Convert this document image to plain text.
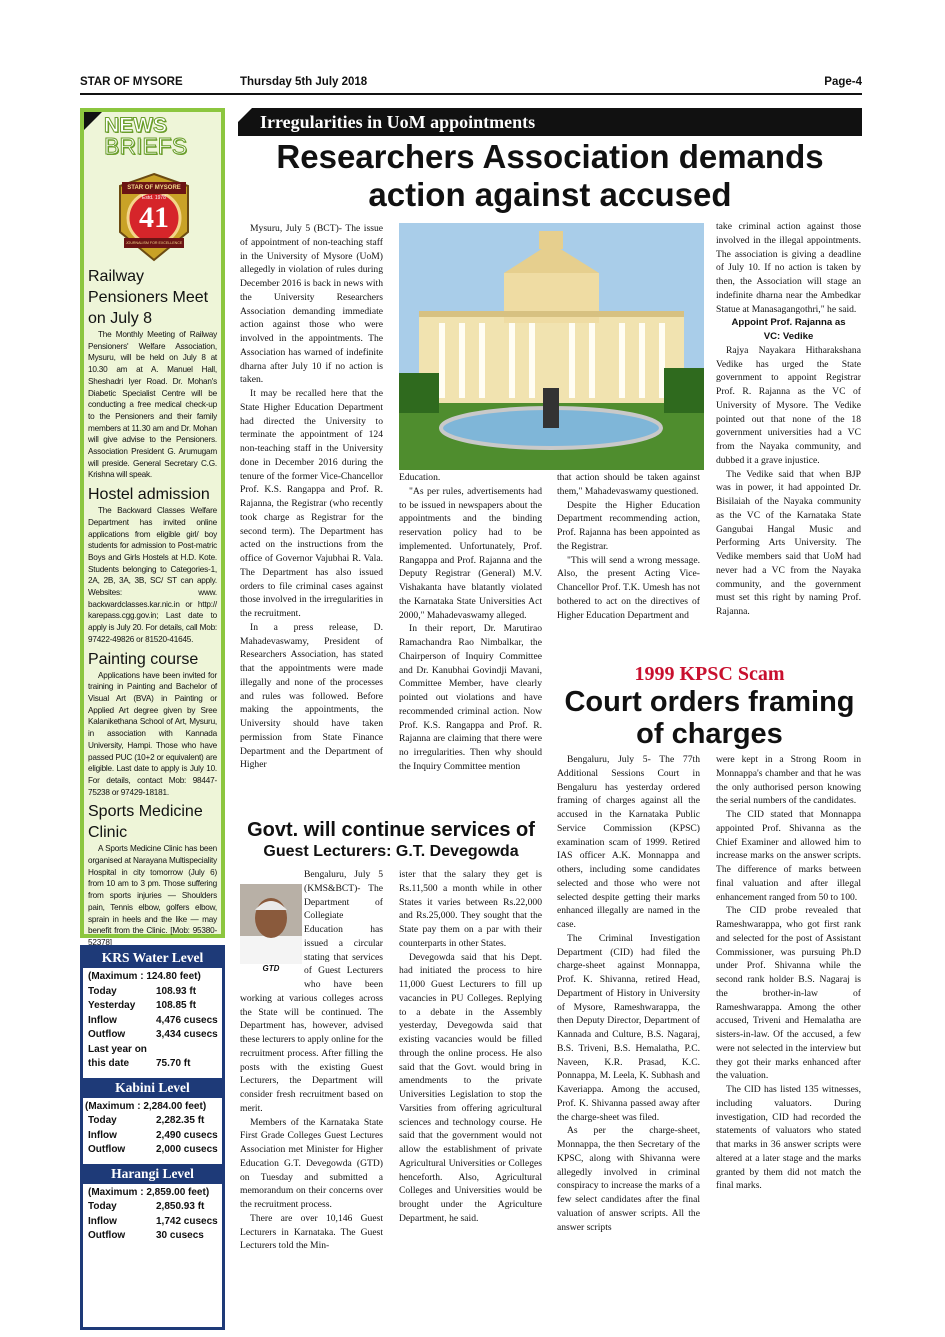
STAR OF MYSORE	Thursday 5th July 2018	Page-4
NEWS
BRIEFS
STAR OF MYSORE
Estd. 1978
41
JOURNALISM FOR EXCELLENCE
Railway Pensioners Meet on July 8

The Monthly Meeting of Railway Pensioners' Welfare Association, Mysuru, will be held on July 8 at 10.30 am at A. Manuel Hall, Sheshadri Iyer Road. Dr. Mohan's Diabetic Specialist Centre will be conducting a free medical check-up to the Pensioners and their family members at 11.30 am and Dr. Mohan will give advise to the Pensioners. Association President G. Arumugam will preside. General Secretary C.G. Krishna will speak.

Hostel admission

The Backward Classes Welfare Department has invited online applications from eligible girl/ boy students for admission to Post-matric Boys and Girls Hostels at H.D. Kote. Students belonging to Categories-1, 2A, 2B, 3A, 3B, SC/ ST can apply. Websites: www. backwardclasses.kar.nic.in or http:// karepass.cgg.gov.in; Last date to apply is July 20. For details, call Mob: 97422-49826 or 81520-41645.

Painting course

Applications have been invited for training in Painting and Bachelor of Visual Art (BVA) in Painting or Applied Art degree given by Sree Kalanikethana School of Art, Mysuru, in association with Kannada University, Hampi. Those who have passed PUC (10+2 or equivalent) are eligible. Last date to apply is July 10. For details, contact Mob: 98447-75238 or 97429-18181.

Sports Medicine Clinic

A Sports Medicine Clinic has been organised at Narayana Multispeciality Hospital in city tomorrow (July 6) from 10 am to 3 pm. Those suffering from sports injuries — Shoulders pain, Tennis elbow, golfers elbow, sprain in heels and the like — may benefit from the Clinic. [Mob: 95380-52378]

KRS Water Level
(Maximum : 124.80 feet)
Today	108.93 ft
Yesterday	108.85 ft
Inflow	4,476 cusecs
Outflow	3,434 cusecs
Last year on
this date	75.70 ft
Kabini Level
(Maximum : 2,284.00 feet)
Today	2,282.35 ft
Inflow	2,490 cusecs
Outflow	2,000 cusecs
Harangi Level
(Maximum : 2,859.00 feet)
Today	2,850.93 ft
Inflow	1,742 cusecs
Outflow	30 cusecs
Irregularities in UoM appointments
Researchers Association demands
action against accused

Mysuru, July 5 (BCT)- The issue of appointment of non-teaching staff in the University of Mysore (UoM) allegedly in violation of rules during December 2016 is back in news with the University Researchers Association demanding immediate action against those who were involved in the appointments. The Association has warned of indefinite dharna after July 10 if no action is taken.

It may be recalled here that the State Higher Education Department had directed the University to terminate the appointment of 124 non-teaching staff in the University done in December 2016 during the tenure of the former Vice-Chancellor Prof. K.S. Rangappa and Prof. R. Rajanna, the Registrar (who recently took charge as Registrar for the second term). The Department has acted on the instructions from the office of Governor Vajubhai R. Vala. The Department has also issued orders to file criminal cases against those involved in the irregularities in the recruitment.

In a press release, D. Mahadevaswamy, President of Researchers Association, has stated that the appointments were made illegally and none of the processes and rules was followed. Before making the appointments, the University should have taken permission from State Finance Department and the Department of Higher

Education.

"As per rules, advertisements had to be issued in newspapers about the appointments and the binding reservation policy had to be implemented. Unfortunately, Prof. Rangappa and Prof. Rajanna and the Deputy Registrar (General) M.V. Vishakanta have blatantly violated the Karnataka State Universities Act 2000," Mahadevaswamy alleged.

In their report, Dr. Marutirao Ramachandra Rao Nimbalkar, the Chairperson of Inquiry Committee and Dr. Kanubhai Govindji Mavani, Committee Member, have clearly pointed out violations and have recommended criminal action. Now Prof. K.S. Rangappa and Prof. R. Rajanna are claiming that there were no irregularities. Then why should the Inquiry Committee mention

that action should be taken against them," Mahadevaswamy questioned.

Despite the Higher Education Department recommending action, Prof. Rajanna has been appointed as the Registrar.

"This will send a wrong message. Also, the present Acting Vice-Chancellor Prof. T.K. Umesh has not bothered to act on the directives of Higher Education Department and

take criminal action against those involved in the illegal appointments. The association is giving a deadline of July 10. If no action is taken by then, the Association will stage an indefinite dharna near the Ambedkar Statue at Manasagangothri," he said.

Appoint Prof. Rajanna as VC: Vedike

Rajya Nayakara Hitharakshana Vedike has urged the State government to appoint Registrar Prof. R. Rajanna as the VC of University of Mysore. The Vedike pointed out that none of the 18 government universities had a VC from the Nayaka community, and dubbed it a grave injustice.

The Vedike said that when BJP was in power, it had appointed Dr. Bisilaiah of the Nayaka community as the VC of the Karnataka State Gangubai Hangal Music and Performing Arts University. The Vedike members said that UoM had never had a VC from the Nayaka community, and the government must set this right by naming Prof. Rajanna.

Govt. will continue services of
Guest Lecturers: G.T. Devegowda
GTD

Bengaluru, July 5 (KMS&BCT)- The Department of Collegiate Education has issued a circular stating that services of Guest Lecturers who have been working at various colleges across the State will be continued. The Department has, however, advised these lecturers to apply online for the recruitment process. After filling the posts with the existing Guest Lecturers, the Department will consider fresh recruitment based on merit.

Members of the Karnataka State First Grade Colleges Guest Lectures Association met Minister for Higher Education G.T. Devegowda (GTD) on Tuesday and submitted a memorandum on their concerns over the recruitment process.

There are over 10,146 Guest Lecturers in Karnataka. The Guest Lecturers told the Min-

ister that the salary they get is Rs.11,500 a month while in other States it varies between Rs.22,000 and Rs.25,000. They sought that the State pay them on a par with their counterparts in other States.

Devegowda said that his Dept. had initiated the process to hire 11,000 Guest Lecturers to fill up vacancies in PU Colleges. Replying to a debate in the Assembly yesterday, Devegowda said that existing vacancies would be filled through the online process. He also said that the Govt. would bring in amendments to the private Universities Legislation to stop the Varsities from offering agricultural sciences and technology course. He said that the government would not allow the establishment of private Agricultural Universities or Colleges henceforth. Also, Agricultural Colleges and Universities would be brought under the Agriculture Department, he said.

1999 KPSC Scam
Court orders framing
of charges

Bengaluru, July 5- The 77th Additional Sessions Court in Bengaluru has yesterday ordered framing of charges against all the accused in the Karnataka Public Service Commission (KPSC) examination scam of 1999. Retired IAS officer A.K. Monnappa and others, including some candidates selected and those who were not selected despite getting their marks enhanced illegally are named in the case.

The Criminal Investigation Department (CID) had filed the charge-sheet against Monnappa, Prof. K. Shivanna, retired Head, Department of History in University of Mysore, Rameshwarappa, the then Deputy Director, Department of Kannada and Culture, B.S. Nagaraj, B.S. Triveni, B.S. Hemalatha, P.C. Naveen, K.R. Prasad, K.C. Ponnappa, M. Leela, K. Subhash and Kaveriappa. Among the accused, Prof. K. Shivanna passed away after the charge-sheet was filed.

As per the charge-sheet, Monnappa, the then Secretary of the KPSC, along with Shivanna were allegedly involved in criminal conspiracy to increase the marks of a few select candidates after the final valuation of answer scripts. All the answer scripts

were kept in a Strong Room in Monnappa's chamber and that he was the only authorised person knowing the serial numbers of the candidates.

The CID stated that Monnappa appointed Prof. Shivanna as the Chief Examiner and allowed him to increase marks on the answer scripts. The difference of marks between final valuation and after illegal enhancement ranged from 50 to 100.

The CID probe revealed that Rameshwarappa, who got first rank and selected for the post of Assistant Commissioner, was pursuing Ph.D under Prof. Shivanna while the second rank holder B.S. Nagaraj is the brother-in-law of Rameshwarappa. Among the other accused, Triveni and Hemalatha are sisters-in-law. Of the accused, a few were not selected in the interview but they got their marks enhanced after the valuation.

The CID has listed 135 witnesses, including valuators. During investigation, CID had recorded the statements of valuators who stated that marks in 36 answer scripts were altered at a later stage and the marks granted by them did not match the final marks.
